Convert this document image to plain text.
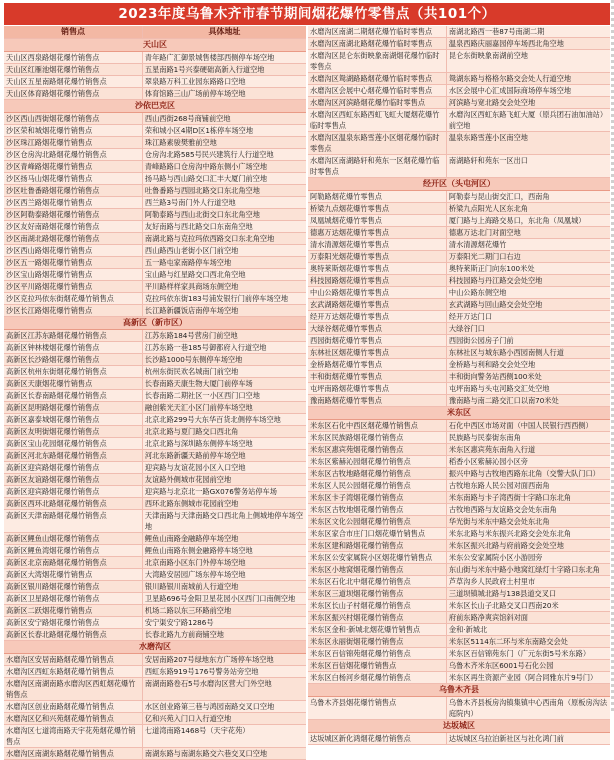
2023年度乌鲁木齐市春节期间烟花爆竹零售点（共101个）
销售点	具体地址
天山区
天山区西泉路烟花爆竹销售点	青年路广汇御景城售楼部西侧停车场空地
天山区红雁池烟花爆竹销售点	五星南路1号兴泰硬础高新入行道空地
天山区五星南路烟花爆竹销售点	翠泉路万科工业园东路路口空地
天山区体育路烟花爆竹销售点	体育馆路三山广场前停车场空地
沙依巴克区
沙区西山西街烟花爆竹销售点	西山西街268号商铺前空地
沙区荣和城烟花爆竹销售点	荣和城小区4期D区1栋停车场空地
沙区珠江路烟花爆竹销售点	珠江路素骏樊雅前空地
沙区仓房沟北路烟花爆竹销售点	仓房沟北路585号民兴建筑行人行道空地
沙区青峰路烟花爆竹销售点	青峰路路口仓房沟中路东侧小广场空地
沙区扬马山烟花爆竹销售点	扬马路与西山路交口汇丰大厦门前空地
沙区吐鲁番路烟花爆竹销售点	吐鲁番路与西园北路交口东北角空地
沙区西兰路烟花爆竹销售点	西兰路3号南门外人行道空地
沙区阿勒泰路烟花爆竹销售点	阿勒泰路与西山北街交口东北角空地
沙区友好南路烟花爆竹销售点	友好南路与西北路交口东南角空地
沙区南湖北路烟花爆竹销售点	南湖北路与克拉玛依西路交口东北角空地
沙区西山路烟花爆竹销售点	西山路西山老街小区门前空地
沙区五一路烟花爆竹销售点	五一路屯家南路停车场空地
沙区宝山路烟花爆竹销售点	宝山路与红星路交口西北角空地
沙区平川路烟花爆竹销售点	平川路样样家具商场东侧空地
沙区克拉玛依东街烟花爆竹销售点	克拉玛依东街183号浦发银行门前停车场空地
沙区长江路烟花爆竹销售点	长江路新疆饭店南停车场空地
高新区（新市区）
高新区江苏东路烟花爆竹销售点	江苏东路184号营房门前空地
高新区钟林楼烟花爆竹销售点	江苏东路一巷185号御都府入行道空地
高新区长沙路烟花爆竹销售点	长沙路1000号东侧停车场空地
高新区杭州东街烟花爆竹销售点	杭州东街民欢名城南门前空地
高新区天康烟花爆竹销售点	长春南路天康生物大厦门前停车场
高新区长春南路烟花爆竹销售点	长春南路二期社区一小区西门口空地
高新区昆明路烟花爆竹销售点	融创紫光天汇小区门前停车场空地
高新区嘉泰城烟花爆竹销售点	北京北路299号大东华百货北侧停车场空地
高新区友明街烟花爆竹销售点	北京北路与夏门路交口西北角
高新区宝山花园烟花爆竹销售点	北京北路与深圳路东侧停车场空地
高新区河北东路烟花爆竹销售点	河北东路新疆天路前停车场空地
高新区迎宾路烟花爆竹销售点	迎宾路与友谊花园小区入口空地
高新区友谊路烟花爆竹销售点	友谊路外侧城市花园前空地
高新区迎宾路烟花爆竹销售点	迎宾路与北京北一路GX076警务站停车场
高新区西环北路烟花爆竹销售点	西环北路东侧城市花园前空地
高新区天津南路烟花爆竹销售点	天津南路与天津南路交口西北角上侧城地停车场空地
高新区鲤鱼山烟花爆竹销售点	鲤鱼山南路金融路停车场空地
高新区鲤鱼湾烟花爆竹销售点	鲤鱼山南路东侧金融路停车场空地
高新区北京南路烟花爆竹销售点	北京南路小区东门外停车场空地
高新区大湾烟花爆竹销售点	大湾路安居园广场东停车场空地
高新区银川路烟花爆竹销售点	银川路银川南城前人行道空地
高新区卫星路烟花爆竹销售点	卫星路696号金阳卫星花园小区西门口南侧空地
高新区二跃烟花爆竹销售点	机场二路以东三环路前空地
高新区安宁路烟花爆竹销售点	安宁渠安宁路1286号
高新区长春北路烟花爆竹销售点	长春北路九方前商铺空地
水磨沟区
水磨沟区安居南路烟花爆竹销售点	安居南路207号绿地东方广场停车场空地
水磨沟区西虹东路烟花爆竹销售点	西虹东路919号176号警务站旁空地
水磨沟区南湖南路水磨沟区西虹烟花爆竹销售点
南湖南路卷石5号水磨沟区营大门外空地
水磨沟区创业南路烟花爆竹销售点	水区创业路第三巷与鸿园南路交叉口空地
水磨沟区亿和兴苑烟花爆竹销售点	亿和兴苑入门口入行道空地
水磨沟区七道湾南路天宇花苑烟花爆竹销售点
七道湾南路1468号（天宇花苑）
水磨沟区南湖东路烟花爆竹销售点	南湖东路与南湖东路交六巷交叉口空地
水磨沟区南湖二期烟花爆竹临时零售点	南湖北路西一巷87号南湖二期
水磨沟区南湖北路烟花爆竹临时零售点	温泉西路庆丽嘉园停车场西北角空地
水磨沟区昆仑东街映象南湖烟花爆竹临时零售点
昆仑东街映象南湖前空地
水磨沟区鸳湖路路烟花爆竹临时零售点	鸳湖东路与格格尔路交会处人行道空地
水磨沟区会展中心烟花爆竹临时零售点	水区会展中心汇成国际商场停车场空地
水磨沟区河滨路烟花爆竹临时零售点	河滨路与宽北路交会处空地
水磨沟区西虹东路西虹飞虹大厦烟花爆竹临时零售点
水磨沟区西虹东路飞虹大厦（原兵团石油加油站）前空地
水磨沟区温泉东路雪莲小区烟花爆竹临时零售点
温泉东路雪莲小区南空地
水磨沟区南湖路轩和苑东一区烟花爆竹临时零售点
南湖路轩和苑东一区出口
经开区（头屯河区）
阿勒路烟花爆竹零售点	阿勒泰与昆山街交汇口，西南角
桥梁九点烟花爆竹零售点	桥梁九点阳光人区东北角
凤凰城烟花爆竹零售点	厦门路与上海路交易口，东北角（凤凰城）
德惠万达烟花爆竹零售点	德惠万达北门对面空地
清水清源烟花爆竹零售点	清水清源烟花爆竹
万泰阳光烟花爆竹零售点	万泰阳光二期门口右边
奥特莱斯烟花爆竹零售点	奥特莱斯正门向东100米处
科技园路烟花爆竹零售点	科技园路与丹江路交会处空地
中山公路烟花爆竹零售点	中山公路东侧空地
玄武湖路烟花爆竹零售点	玄武湖路与回山路交会处空地
经开万达烟花爆竹零售点	经开万达门口
大绿谷烟花爆竹零售点	大绿谷门口
西园街烟花爆竹零售点	西园街公园房子门前
东林社区烟花爆竹零售点	东林社区与城东路小西园南侧人行道
金桥路烟花爆竹零售点	金桥路与利和路交会处空地
丰和街烟花爆竹零售点	丰和街向警务站西侧100米处
屯坪南路烟花爆竹零售点	屯坪南路与头屯河路交汇处空地
豫南路烟花爆竹零售点	豫南路与南二路交汇口以南70米处
米东区
米东区石化中西区烟花爆竹销售点	石化中西区市场对面（中国人民银行西西侧）
米东区民族路烟花爆竹销售点	民族路与民泰街东南角
米东区惠宾苑烟花爆竹销售点	米东区惠宾苑东南角入行道
米东区紫赫沁园烟花爆竹销售点	稻香小区紫赫沁园小区旁
米东区古牧地路烟花爆竹销售点	振兴中路与古牧地西路东北角（交警大队门口）
米东区人民公园烟花爆竹销售点	古牧地东路人民公园对面西南角
米东区卡子湾烟花爆竹销售点	米东南路与卡子湾西街十字路口东北角
米东区古牧地烟花爆竹销售点	古牧地西路与友谊路交会处东南角
米东区文化公园烟花爆竹销售点	华光街与米东中路交会处东北角
米东区家合市庄门口烟花爆竹销售点	米东北路与米东振兴北路交会处东北角
米东区建和路烟花爆竹销售点	米东区振兴北路与府前路交会处空地
米东区公安家属院小区烟花爆竹销售点	米东公安家属院小区小游园旁
米东区小地窝烟花爆竹销售点	东山街与米东中路小地窝红绿灯十字路口东北角
米东区石化北中烟花爆竹销售点	芦草沟乡人民政府土村里市
米东区三道坝烟花爆竹销售点	三道坝镇城北路与138县道交叉口
米东区长山子村烟花爆竹销售点	米东区长山子北路交叉口西南20米
米东区振兴村烟花爆竹销售点	府前东路净爽宾馆斜对面
米东区金和·新城北烟花爆竹销售点	金和·新城北
米东区永丽街烟花爆竹销售点	米东区5114东二环与米东南路交会处
米东区百信锦苑烟花爆竹销售点	米东区百信锦苑东门（广元东街5号米东路）
米东区百信烟花爆竹销售点	乌鲁木齐米东区6001号石化公园
米东区白杨河乡烟花爆竹销售点	米东区再生资源产业园（阿合同雅东片9号门）
乌鲁木齐县
乌鲁木齐县烟花爆竹销售点	乌鲁木齐县板房沟镇集镇中心西南角（原板房沟法庭院内）
达坂城区
达坂城区新化鸿烟花爆竹销售点	达坂城区乌拉泊新社区与社化鸿门前
